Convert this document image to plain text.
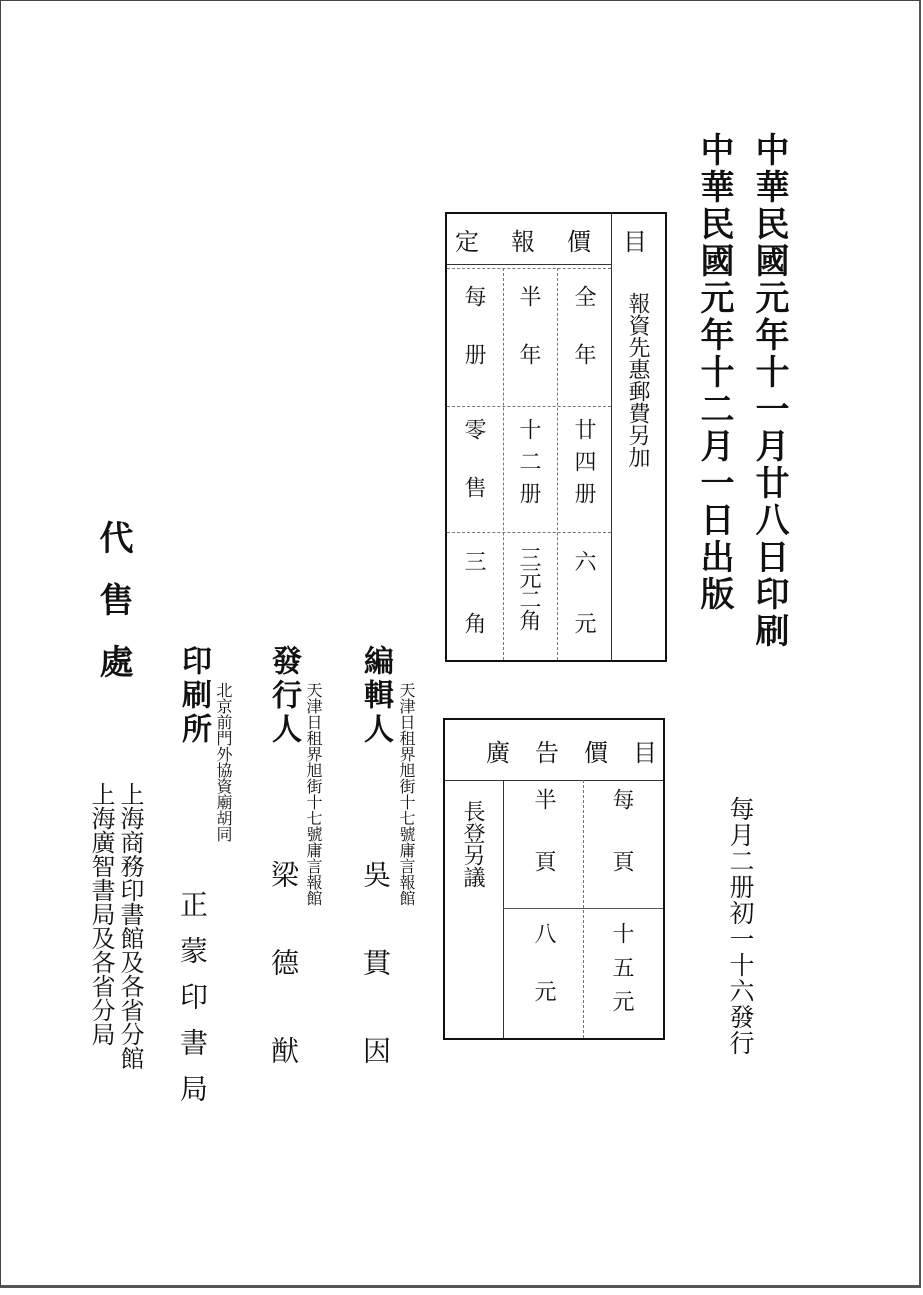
中華民國元年十一月廿八日印刷
中華民國元年十二月一日出版
定報價目
報資先惠郵費另加
全年
半年
每册
廿四册
十二册
零售
六元
三元二角
三角
廣告價目
長登另議	每頁
半頁
十五元
八元	每月二册初一十六發行
編輯人 天津日租界旭街十七號庸言報館
吳貫因
發行人 天津日租界旭街十七號庸言報館
梁德猷
印刷所 北京前門外協資廟胡同
正蒙印書局
代售處
上海商務印書館及各省分館
上海廣智書局及各省分局
